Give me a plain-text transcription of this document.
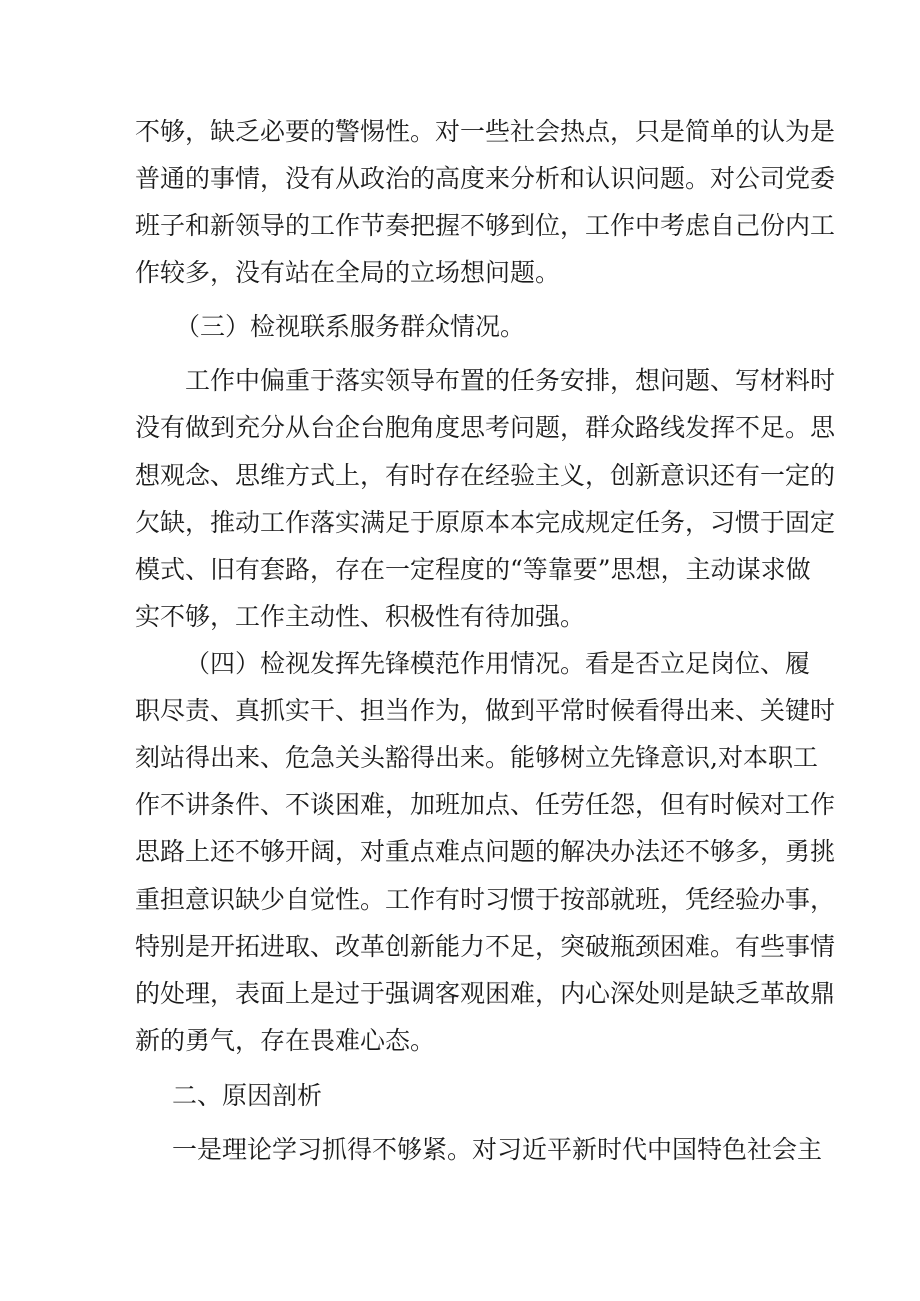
不够，缺乏必要的警惕性。对一些社会热点，只是简单的认为是
普通的事情，没有从政治的高度来分析和认识问题。对公司党委
班子和新领导的工作节奏把握不够到位，工作中考虑自己份内工
作较多，没有站在全局的立场想问题。
（三）检视联系服务群众情况。
工作中偏重于落实领导布置的任务安排，想问题、写材料时
没有做到充分从台企台胞角度思考问题，群众路线发挥不足。思
想观念、思维方式上，有时存在经验主义，创新意识还有一定的
欠缺，推动工作落实满足于原原本本完成规定任务，习惯于固定
模式、旧有套路，存在一定程度的“等靠要”思想，主动谋求做
实不够，工作主动性、积极性有待加强。
（四）检视发挥先锋模范作用情况。看是否立足岗位、履
职尽责、真抓实干、担当作为，做到平常时候看得出来、关键时
刻站得出来、危急关头豁得出来。能够树立先锋意识,对本职工
作不讲条件、不谈困难，加班加点、任劳任怨，但有时候对工作
思路上还不够开阔，对重点难点问题的解决办法还不够多，勇挑
重担意识缺少自觉性。工作有时习惯于按部就班，凭经验办事，
特别是开拓进取、改革创新能力不足，突破瓶颈困难。有些事情
的处理，表面上是过于强调客观困难，内心深处则是缺乏革故鼎
新的勇气，存在畏难心态。
二、原因剖析
一是理论学习抓得不够紧。对习近平新时代中国特色社会主
